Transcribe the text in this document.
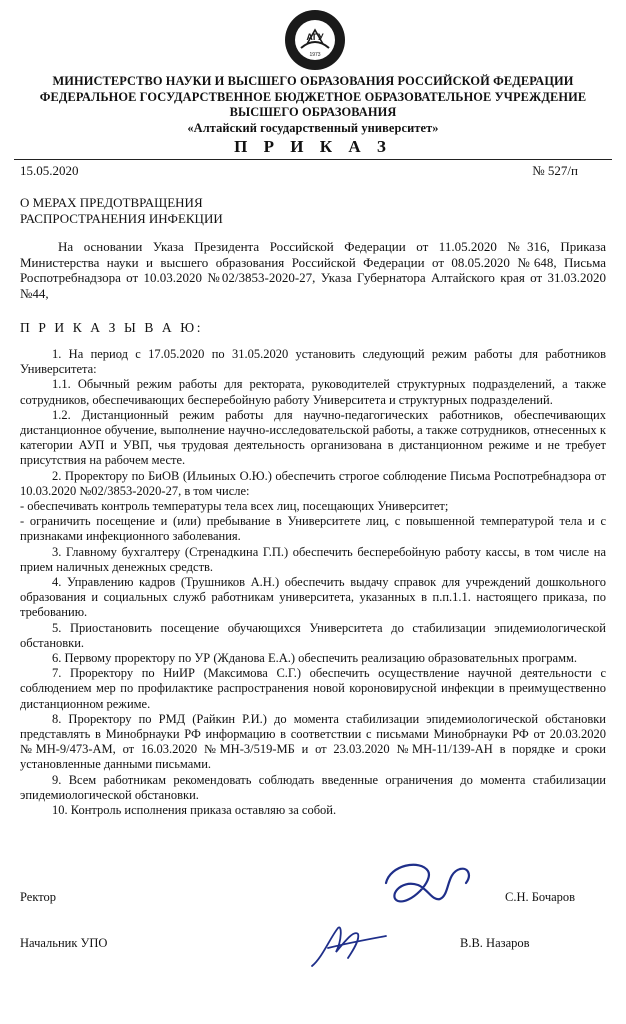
АГУ
1973
МИНИСТЕРСТВО НАУКИ И ВЫСШЕГО ОБРАЗОВАНИЯ РОССИЙСКОЙ ФЕДЕРАЦИИ
ФЕДЕРАЛЬНОЕ ГОСУДАРСТВЕННОЕ БЮДЖЕТНОЕ ОБРАЗОВАТЕЛЬНОЕ УЧРЕЖДЕНИЕ
ВЫСШЕГО ОБРАЗОВАНИЯ
«Алтайский государственный университет»
П Р И К А З
15.05.2020	№ 527/п
О МЕРАХ ПРЕДОТВРАЩЕНИЯ
РАСПРОСТРАНЕНИЯ ИНФЕКЦИИ
На основании Указа Президента Российской Федерации от 11.05.2020 №316, Приказа Министерства науки и высшего образования Российской Федерации от 08.05.2020 №648, Письма Роспотребнадзора от 10.03.2020 №02/3853-2020-27, Указа Губернатора Алтайского края от 31.03.2020 №44,
П Р И К А З Ы В А Ю:

1. На период с 17.05.2020 по 31.05.2020 установить следующий режим работы для работников Университета:

1.1. Обычный режим работы для ректората, руководителей структурных подразделений, а также сотрудников, обеспечивающих бесперебойную работу Университета и структурных подразделений.

1.2. Дистанционный режим работы для научно-педагогических работников, обеспечивающих дистанционное обучение, выполнение научно-исследовательской работы, а также сотрудников, отнесенных к категории АУП и УВП, чья трудовая деятельность организована в дистанционном режиме и не требует присутствия на рабочем месте.

2. Проректору по БиОВ (Ильиных О.Ю.) обеспечить строгое соблюдение Письма Роспотребнадзора от 10.03.2020 №02/3853-2020-27, в том числе:

- обеспечивать контроль температуры тела всех лиц, посещающих Университет;

- ограничить посещение и (или) пребывание в Университете лиц, с повышенной температурой тела и с признаками инфекционного заболевания.

3. Главному бухгалтеру (Стренадкина Г.П.) обеспечить бесперебойную работу кассы, в том числе на прием наличных денежных средств.

4. Управлению кадров (Трушников А.Н.) обеспечить выдачу справок для учреждений дошкольного образования и социальных служб работникам университета, указанных в п.п.1.1. настоящего приказа, по требованию.

5. Приостановить посещение обучающихся Университета до стабилизации эпидемиологической обстановки.

6. Первому проректору по УР (Жданова Е.А.) обеспечить реализацию образовательных программ.

7. Проректору по НиИР (Максимова С.Г.) обеспечить осуществление научной деятельности с соблюдением мер по профилактике распространения новой короновирусной инфекции в преимущественно дистанционном режиме.

8. Проректору по РМД (Райкин Р.И.) до момента стабилизации эпидемиологической обстановки представлять в Минобрнауки РФ информацию в соответствии с письмами Минобрнауки РФ от 20.03.2020 №МН-9/473-АМ, от 16.03.2020 №МН-3/519-МБ и от 23.03.2020 №МН-11/139-АН в порядке и сроки установленные данными письмами.

9. Всем работникам рекомендовать соблюдать введенные ограничения до момента стабилизации эпидемиологической обстановки.

10. Контроль исполнения приказа оставляю за собой.

Ректор	С.Н. Бочаров
Начальник УПО	В.В. Назаров
